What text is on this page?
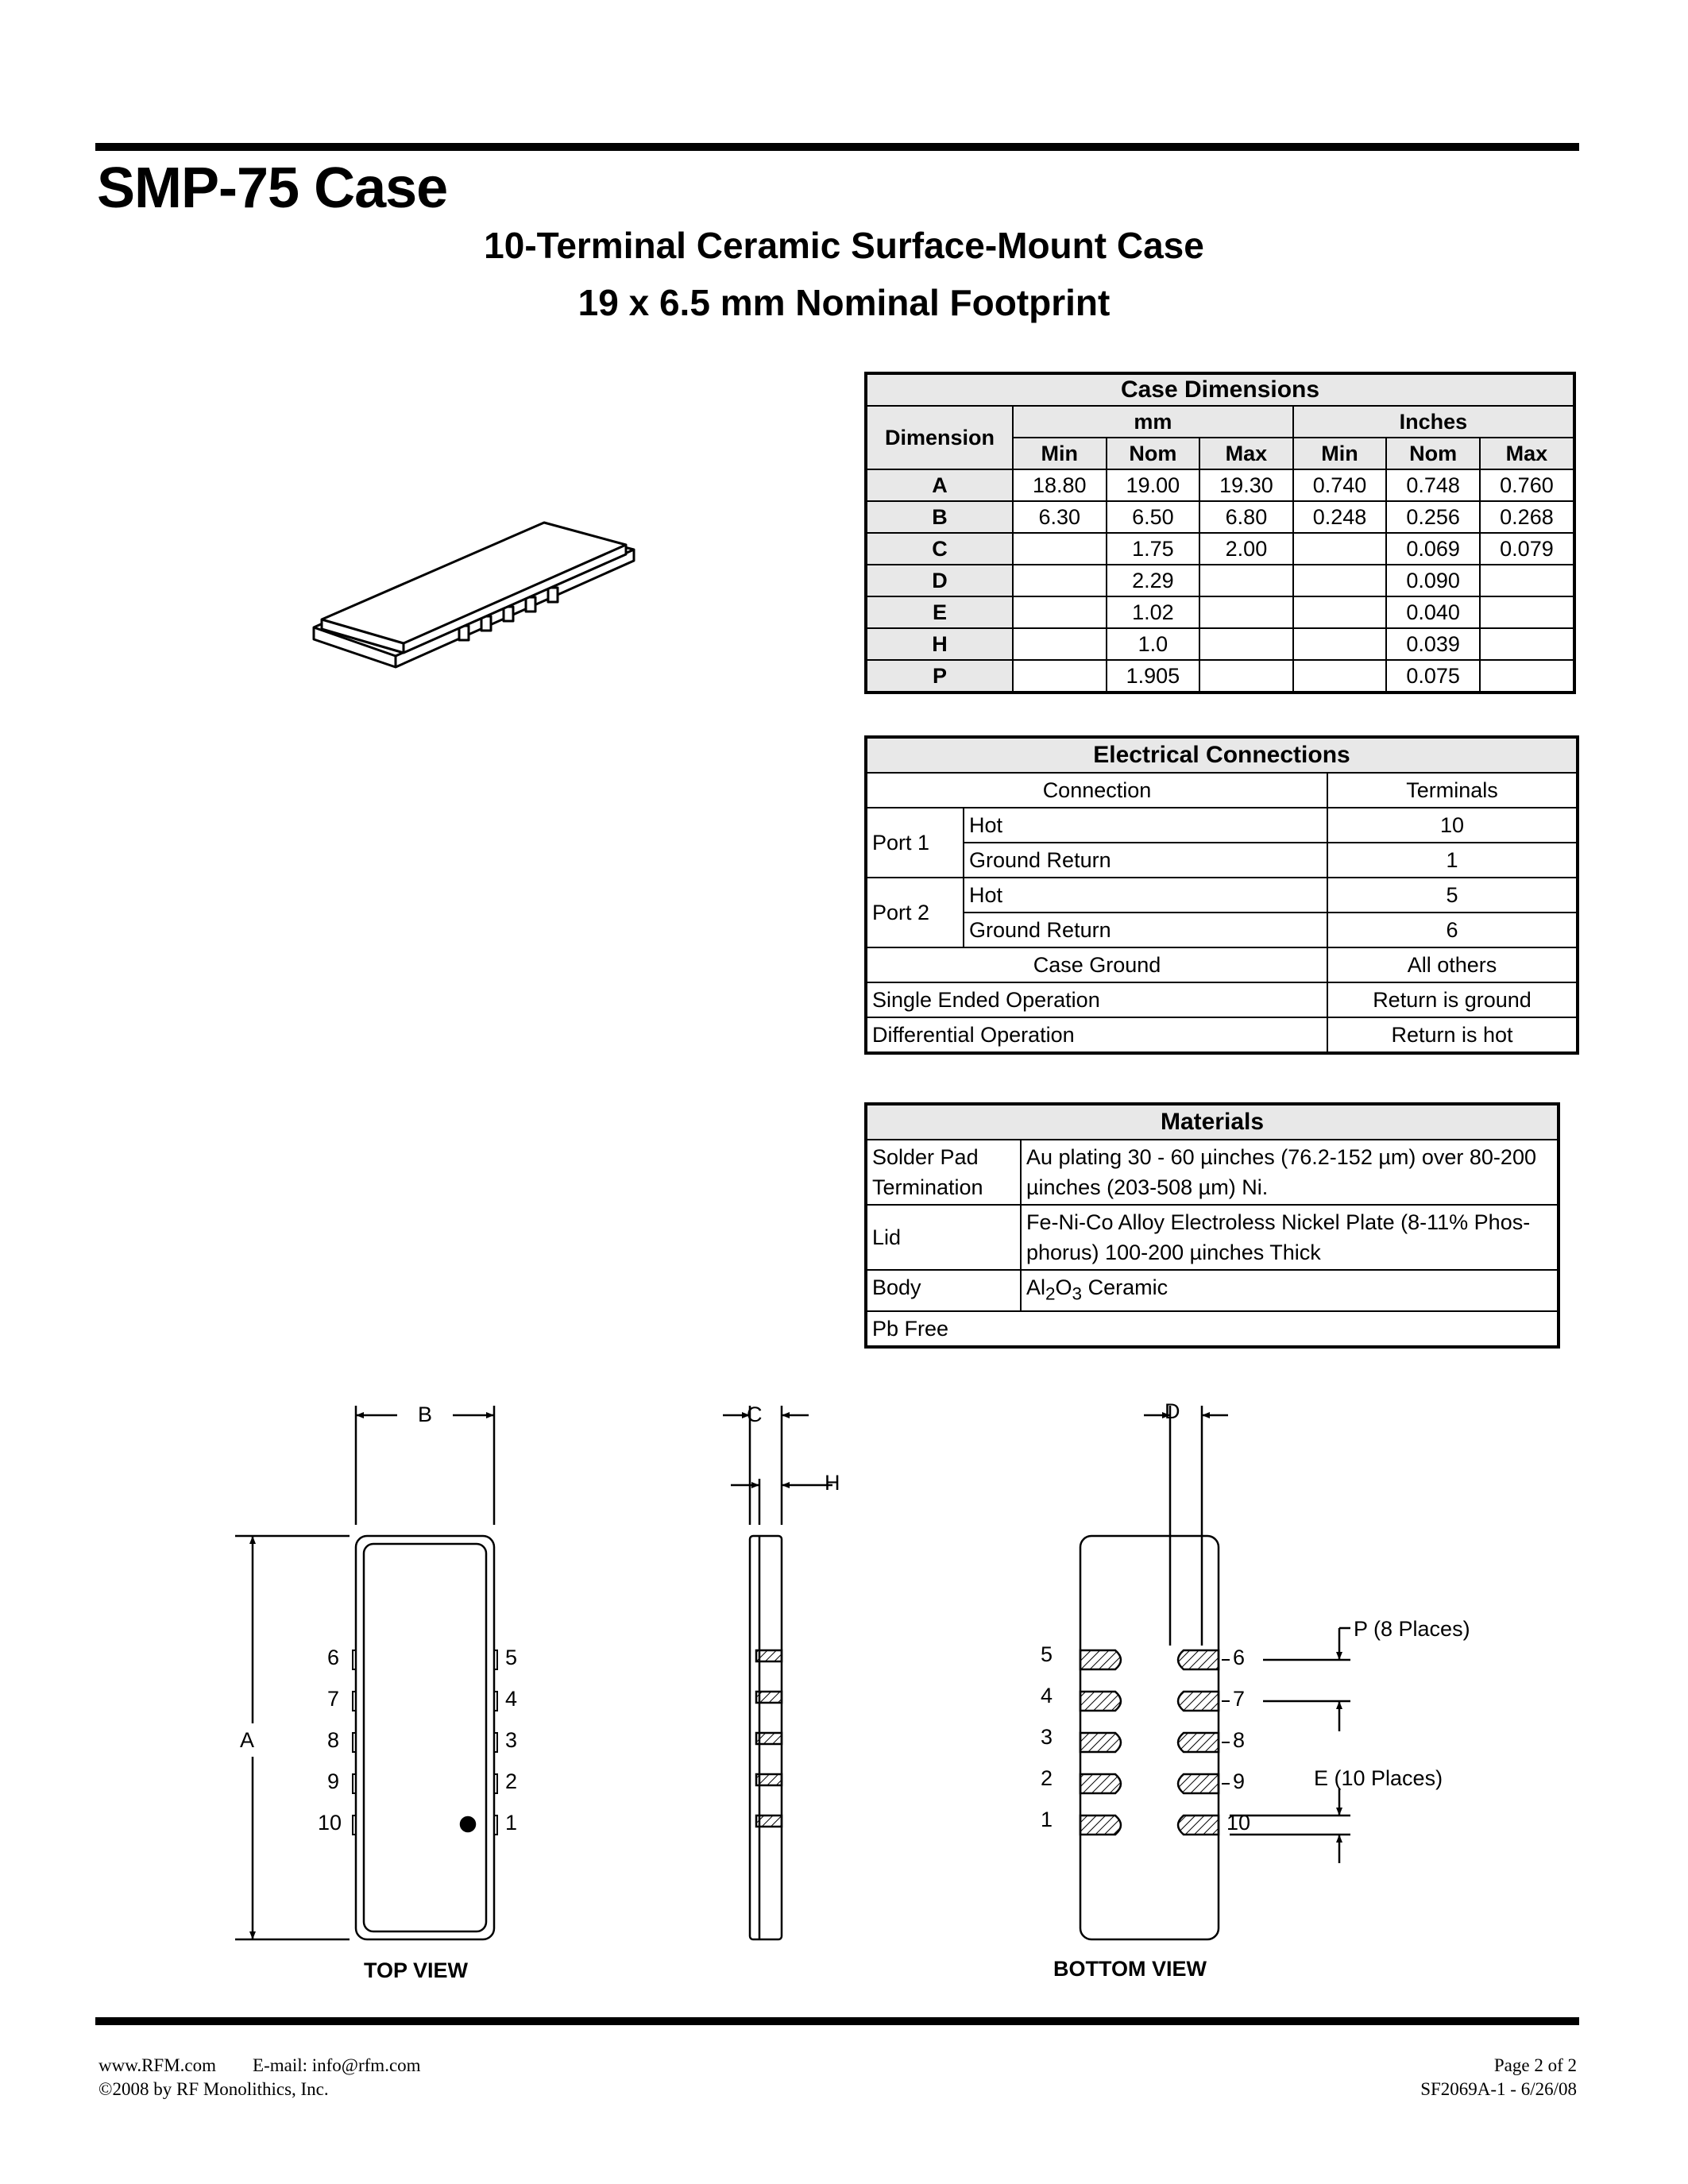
SMP-75 Case

10-Terminal Ceramic Surface-Mount Case

19 x 6.5 mm Nominal Footprint

Case Dimensions						
Dimension	mm			Inches		
	Min	Nom	Max	Min	Nom	Max
A	18.80	19.00	19.30	0.740	0.748	0.760
B	6.30	6.50	6.80	0.248	0.256	0.268
C		1.75	2.00		0.069	0.079
D		2.29			0.090	
E		1.02			0.040	
H		1.0			0.039	
P		1.905			0.075	
Electrical Connections		
Connection		Terminals
Port 1	Hot	10
	Ground Return	1
Port 2	Hot	5
	Ground Return	6
Case Ground		All others
Single Ended Operation		Return is ground
Differential Operation		Return is hot
Materials	
Solder Pad
Termination	Au plating 30 - 60 µinches (76.2-152 µm) over 80-200
µinches (203-508 µm) Ni.
Lid	Fe-Ni-Co Alloy Electroless Nickel Plate (8-11% Phos-
phorus) 100-200 µinches Thick
Body	$Al_2O_3$ Ceramic
Pb Free	
B
A
C
H
D
P (8 Places)
E (10 Places)
6
7
8
9
10
5
4
3
2
1
5
4
3
2
1
6
7
8
9
10
TOP VIEW	BOTTOM VIEW
www.RFM.com E-mail: info@rfm.com
©2008 by RF Monolithics, Inc.
Page 2 of 2
SF2069A-1 - 6/26/08
